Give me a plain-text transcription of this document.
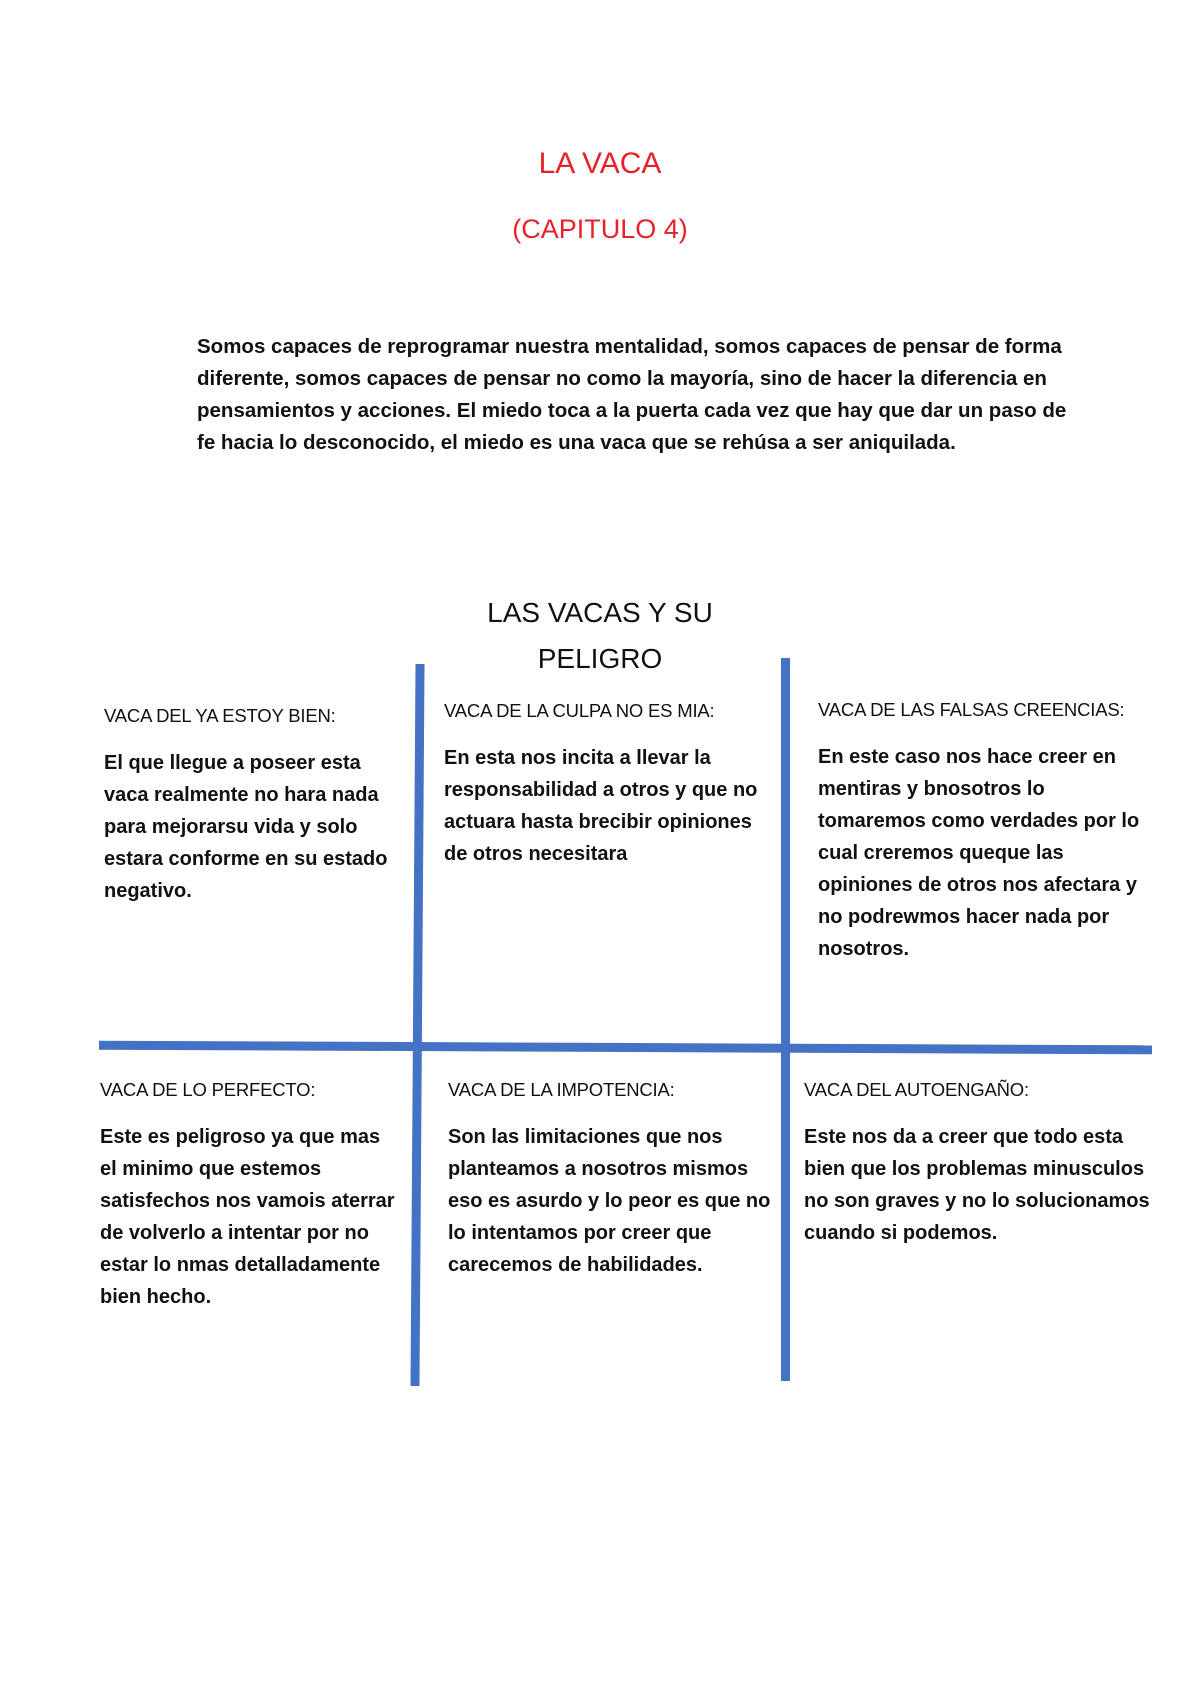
LA VACA
(CAPITULO 4)

Somos capaces de reprogramar nuestra mentalidad, somos capaces de pensar de forma diferente, somos capaces de pensar no como la mayoría, sino de hacer la diferencia en pensamientos y acciones. El miedo toca a la puerta cada vez que hay que dar un paso de fe hacia lo desconocido, el miedo es una vaca que se rehúsa a ser aniquilada.

LAS VACAS Y SU
PELIGRO

VACA DEL YA ESTOY BIEN:

El que llegue a poseer esta vaca realmente no hara nada para mejorarsu vida y solo estara conforme en su estado negativo.

VACA DE LA CULPA NO ES MIA:

En esta nos incita a llevar la responsabilidad a otros y que no actuara hasta brecibir opiniones de otros necesitara

VACA DE LAS FALSAS CREENCIAS:

En este caso nos hace creer en mentiras y bnosotros lo tomaremos como verdades por lo cual creremos queque las opiniones de otros nos afectara y no podrewmos hacer nada por nosotros.

VACA DE LO PERFECTO:

Este es peligroso ya que mas el minimo que estemos satisfechos nos vamois aterrar de volverlo a intentar por no estar lo nmas detalladamente bien hecho.

VACA DE LA IMPOTENCIA:

Son las limitaciones que nos planteamos a nosotros mismos eso es asurdo y lo peor es que no lo intentamos por creer que carecemos de habilidades.

VACA DEL AUTOENGAÑO:

Este nos da a creer que todo esta bien que los problemas minusculos no son graves y no lo solucionamos cuando si podemos.
